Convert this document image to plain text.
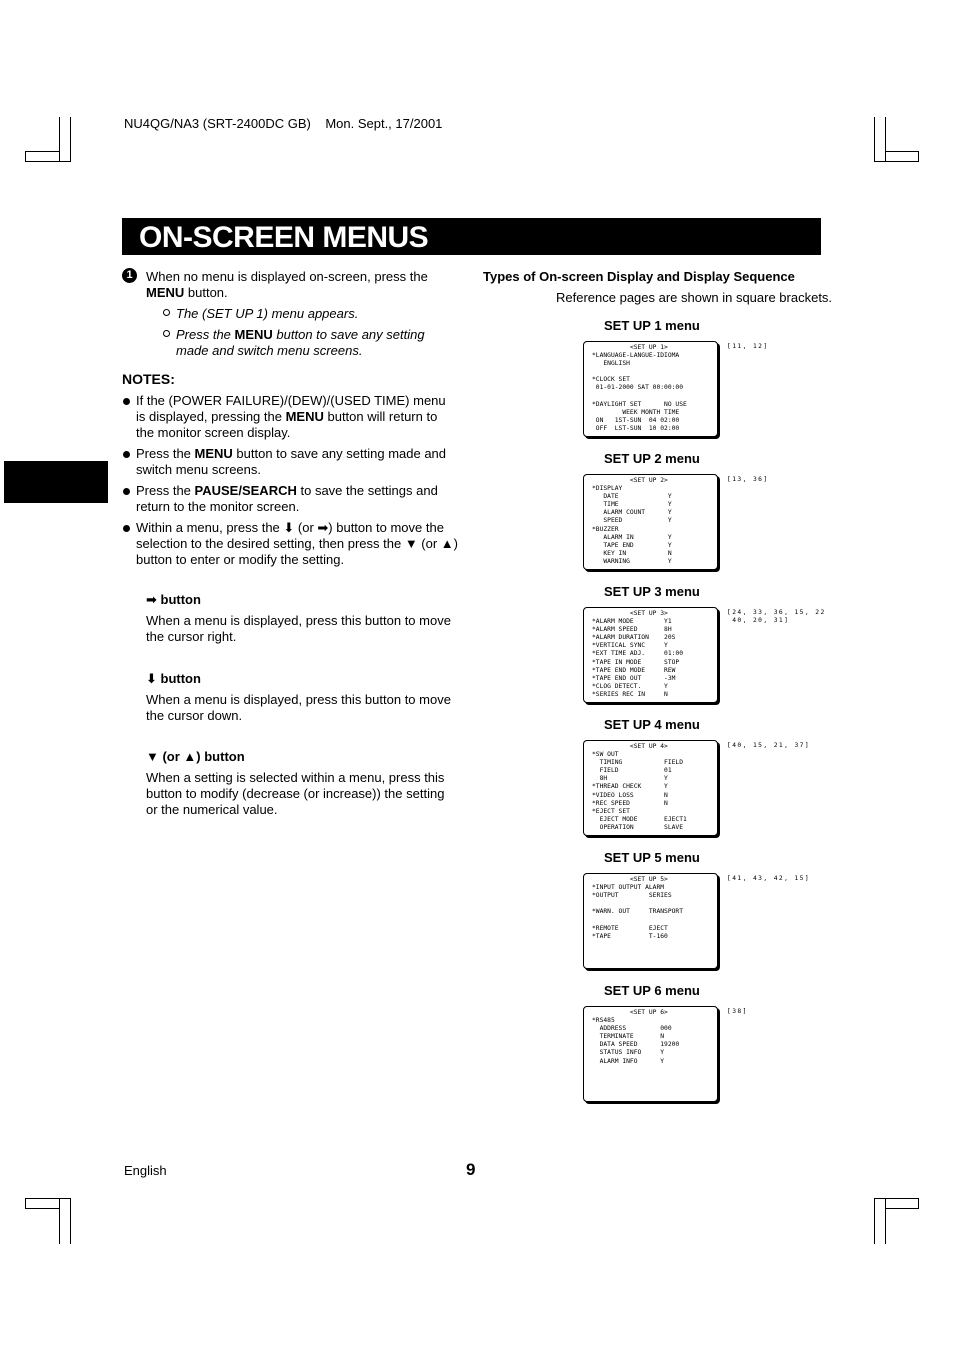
NU4QG/NA3 (SRT-2400DC GB)    Mon. Sept., 17/2001
ON-SCREEN MENUS
1	When no menu is displayed on-screen, press the
MENU button.
The (SET UP 1) menu appears.
Press the MENU button to save any setting
made and switch menu screens.
NOTES:
If the (POWER FAILURE)/(DEW)/(USED TIME) menu
is displayed, pressing the MENU button will return to
the monitor screen display.
Press the MENU button to save any setting made and
switch menu screens.
Press the PAUSE/SEARCH to save the settings and
return to the monitor screen.
Within a menu, press the ⬇ (or ➡) button to move the
selection to the desired setting, then press the ▼ (or ▲)
button to enter or modify the setting.
➡ button
When a menu is displayed, press this button to move
the cursor right.
⬇ button
When a menu is displayed, press this button to move
the cursor down.
▼ (or ▲) button
When a setting is selected within a menu, press this
button to modify (decrease (or increase)) the setting
or the numerical value.
Types of On-screen Display and Display Sequence
Reference pages are shown in square brackets.
SET UP 1 menu
<SET UP 1>
*LANGUAGE-LANGUE-IDIOMA
ENGLISH
*CLOCK SET
01-01-2000 SAT 00:00:00
*DAYLIGHT SET      NO USE
WEEK MONTH TIME
ON   1ST-SUN  04 02:00
OFF  LST-SUN  10 02:00
[11, 12]
SET UP 2 menu
<SET UP 2>
*DISPLAY
DATE             Y
TIME             Y
ALARM COUNT      Y
SPEED            Y
*BUZZER
ALARM IN         Y
TAPE END         Y
KEY IN           N
WARNING          Y
[13, 36]
SET UP 3 menu
<SET UP 3>
*ALARM MODE        Y1
*ALARM SPEED       8H
*ALARM DURATION    20S
*VERTICAL SYNC     Y
*EXT TIME ADJ.     01:00
*TAPE IN MODE      STOP
*TAPE END MODE     REW
*TAPE END OUT      -3M
*CLOG DETECT.      Y
*SERIES REC IN     N
[24, 33, 36, 15, 22
40, 20, 31]
SET UP 4 menu
<SET UP 4>
*SW OUT
TIMING           FIELD
FIELD            01
8H               Y
*THREAD CHECK      Y
*VIDEO LOSS        N
*REC SPEED         N
*EJECT SET
EJECT MODE       EJECT1
OPERATION        SLAVE
[40, 15, 21, 37]
SET UP 5 menu
<SET UP 5>
*INPUT OUTPUT ALARM
*OUTPUT        SERIES
*WARN. OUT     TRANSPORT
*REMOTE        EJECT
*TAPE          T-160
[41, 43, 42, 15]
SET UP 6 menu
<SET UP 6>
*RS485
ADDRESS         000
TERMINATE       N
DATA SPEED      19200
STATUS INFO     Y
ALARM INFO      Y
[38]
English	9
